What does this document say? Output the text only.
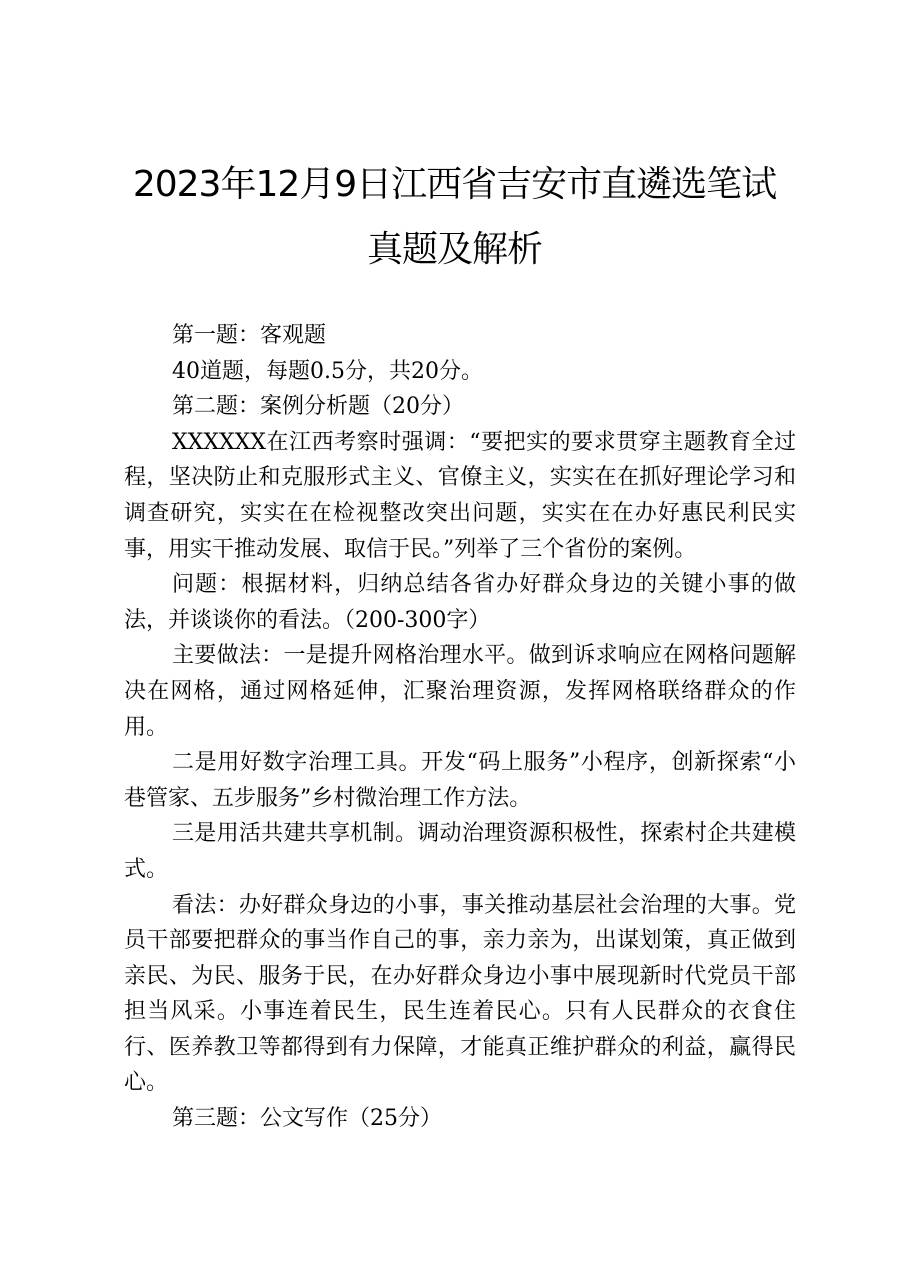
2023年12月9日江西省吉安市直遴选笔试
真题及解析

第一题：客观题

40道题，每题0.5分，共20分。

第二题：案例分析题（20分）

XXXXXX在江西考察时强调：“要把实的要求贯穿主题教育全过程，坚决防止和克服形式主义、官僚主义，实实在在抓好理论学习和调查研究，实实在在检视整改突出问题，实实在在办好惠民利民实事，用实干推动发展、取信于民。”列举了三个省份的案例。

问题：根据材料，归纳总结各省办好群众身边的关键小事的做法，并谈谈你的看法。（200-300字）

主要做法：一是提升网格治理水平。做到诉求响应在网格问题解决在网格，通过网格延伸，汇聚治理资源，发挥网格联络群众的作用。

二是用好数字治理工具。开发“码上服务”小程序，创新探索“小巷管家、五步服务”乡村微治理工作方法。

三是用活共建共享机制。调动治理资源积极性，探索村企共建模式。

看法：办好群众身边的小事，事关推动基层社会治理的大事。党员干部要把群众的事当作自己的事，亲力亲为，出谋划策，真正做到亲民、为民、服务于民，在办好群众身边小事中展现新时代党员干部担当风采。小事连着民生，民生连着民心。只有人民群众的衣食住行、医养教卫等都得到有力保障，才能真正维护群众的利益，赢得民心。

第三题：公文写作（25分）
